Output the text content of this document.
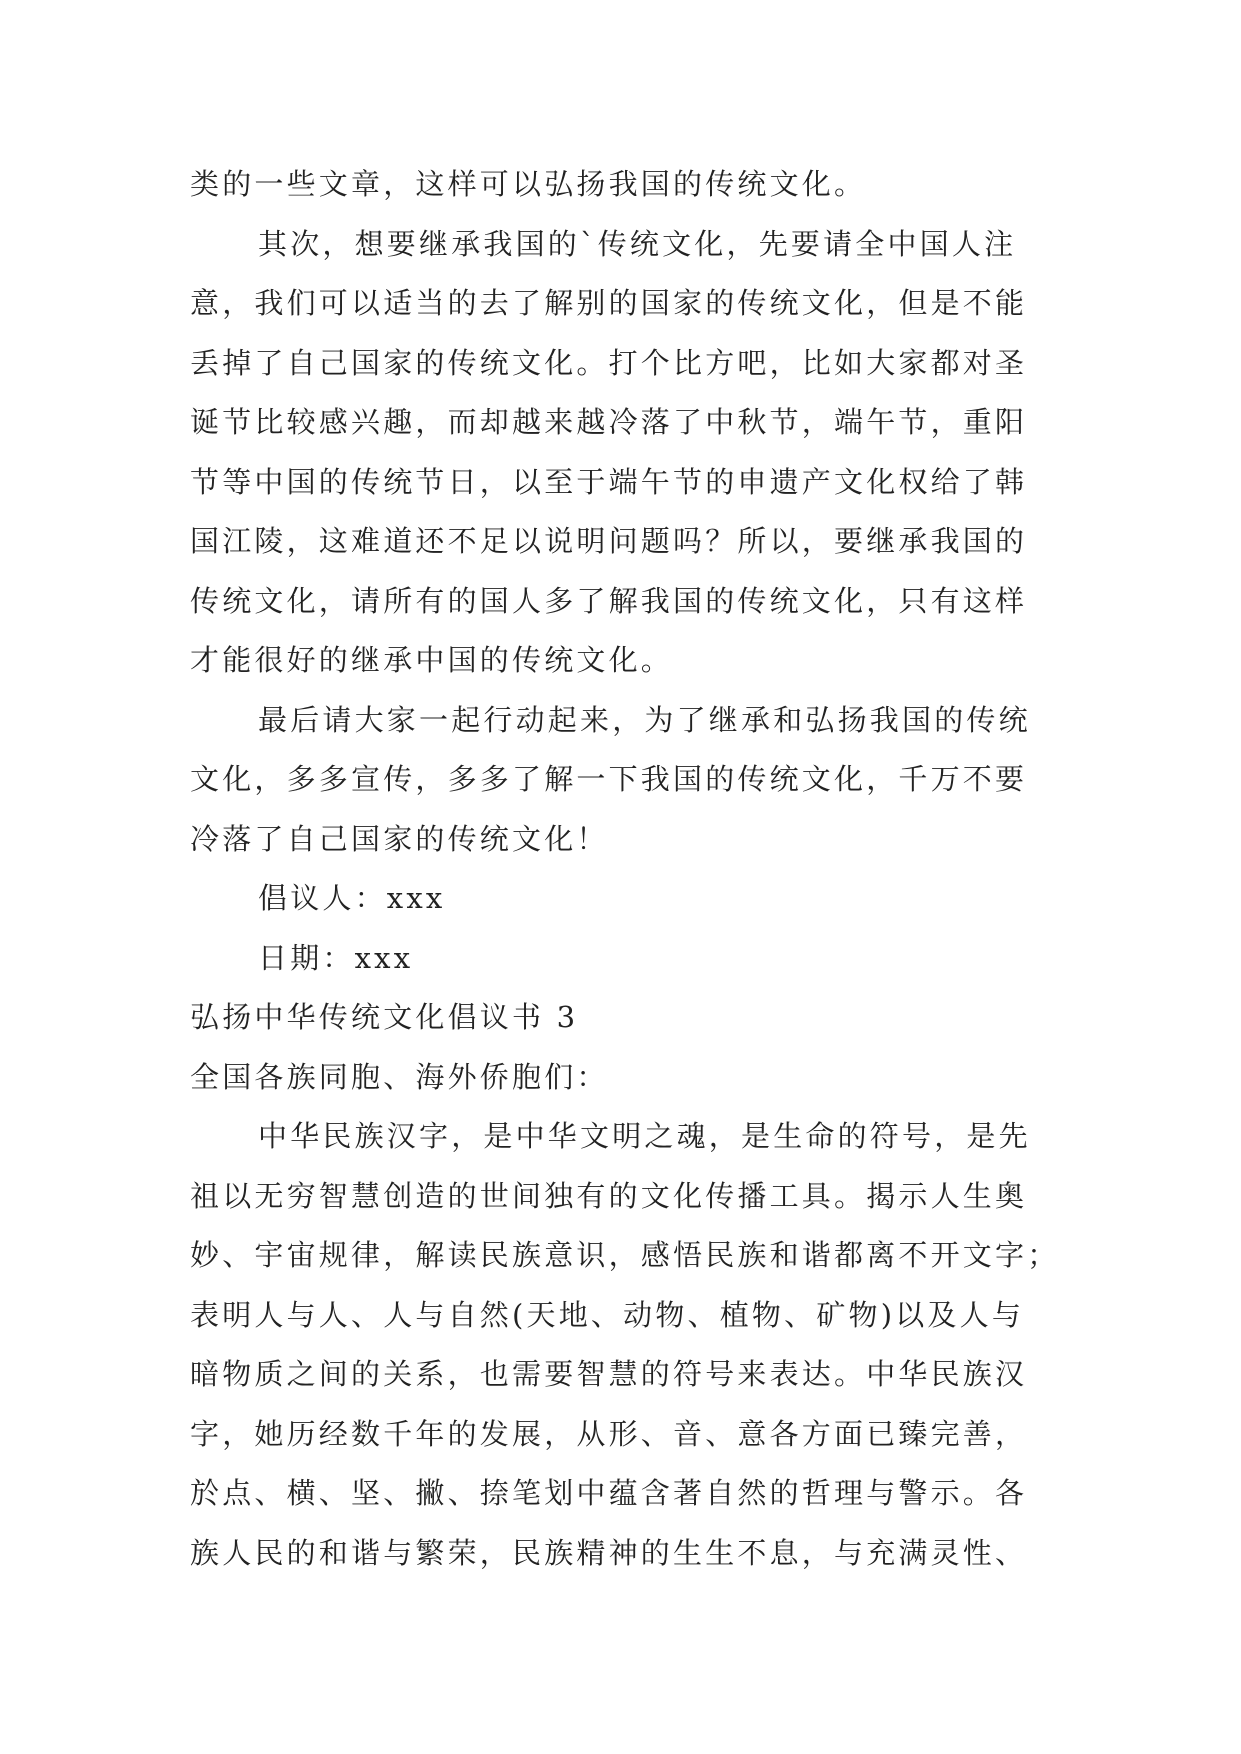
类的一些文章，这样可以弘扬我国的传统文化。
其次，想要继承我国的`传统文化，先要请全中国人注
意，我们可以适当的去了解别的国家的传统文化，但是不能
丢掉了自己国家的传统文化。打个比方吧，比如大家都对圣
诞节比较感兴趣，而却越来越冷落了中秋节，端午节，重阳
节等中国的传统节日，以至于端午节的申遗产文化权给了韩
国江陵，这难道还不足以说明问题吗？所以，要继承我国的
传统文化，请所有的国人多了解我国的传统文化，只有这样
才能很好的继承中国的传统文化。
最后请大家一起行动起来，为了继承和弘扬我国的传统
文化，多多宣传，多多了解一下我国的传统文化，千万不要
冷落了自己国家的传统文化！
倡议人：xxx
日期：xxx
弘扬中华传统文化倡议书 3
全国各族同胞、海外侨胞们：
中华民族汉字，是中华文明之魂，是生命的符号，是先
祖以无穷智慧创造的世间独有的文化传播工具。揭示人生奥
妙、宇宙规律，解读民族意识，感悟民族和谐都离不开文字；
表明人与人、人与自然(天地、动物、植物、矿物)以及人与
暗物质之间的关系，也需要智慧的符号来表达。中华民族汉
字，她历经数千年的发展，从形、音、意各方面已臻完善，
於点、横、坚、撇、捺笔划中蕴含著自然的哲理与警示。各
族人民的和谐与繁荣，民族精神的生生不息，与充满灵性、
